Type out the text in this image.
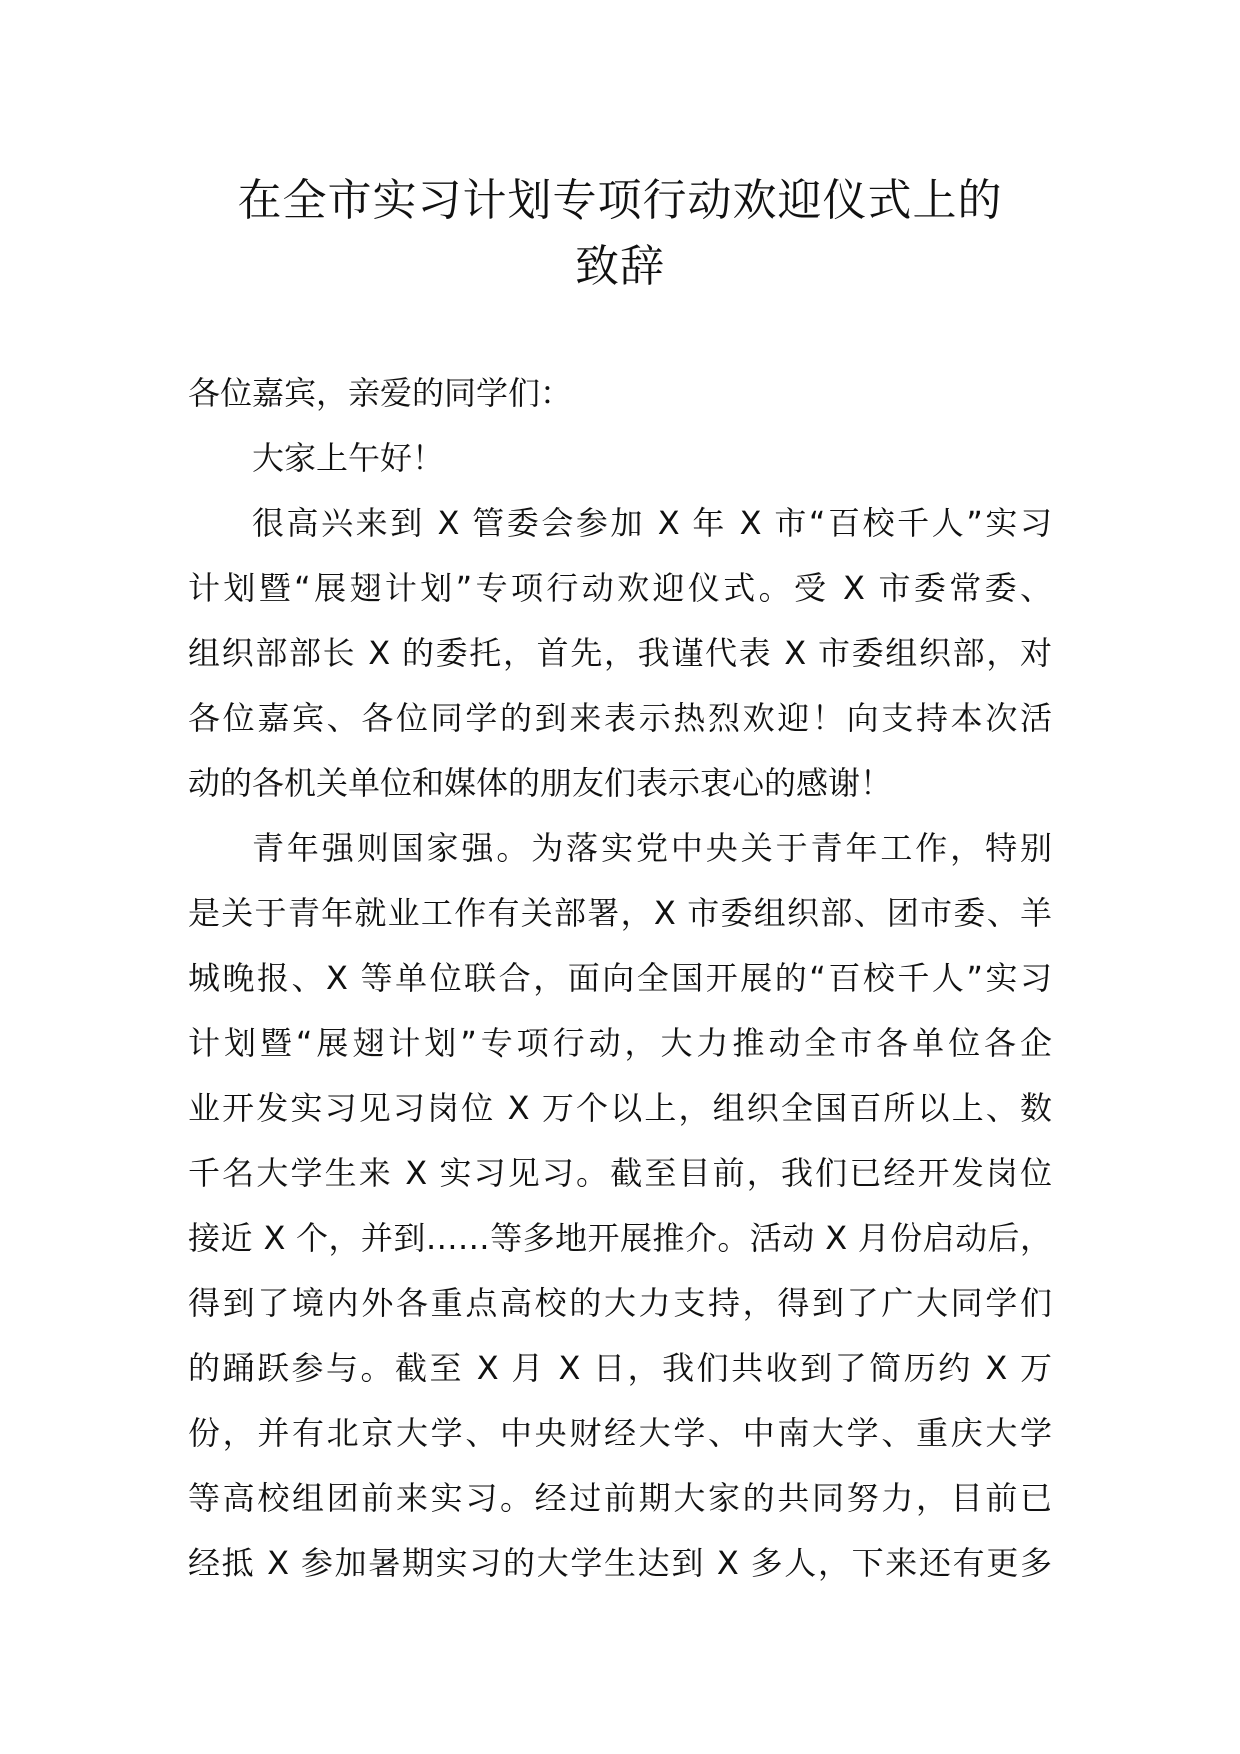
在全市实习计划专项行动欢迎仪式上的
致辞
各位嘉宾，亲爱的同学们：
大家上午好！
很高兴来到 X 管委会参加 X 年 X 市“百校千人”实习
计划暨“展翅计划”专项行动欢迎仪式。受 X 市委常委、
组织部部长 X 的委托，首先，我谨代表 X 市委组织部，对
各位嘉宾、各位同学的到来表示热烈欢迎！向支持本次活
动的各机关单位和媒体的朋友们表示衷心的感谢！
青年强则国家强。为落实党中央关于青年工作，特别
是关于青年就业工作有关部署，X 市委组织部、团市委、羊
城晚报、X 等单位联合，面向全国开展的“百校千人”实习
计划暨“展翅计划”专项行动，大力推动全市各单位各企
业开发实习见习岗位 X 万个以上，组织全国百所以上、数
千名大学生来 X 实习见习。截至目前，我们已经开发岗位
接近 X 个，并到……等多地开展推介。活动 X 月份启动后，
得到了境内外各重点高校的大力支持，得到了广大同学们
的踊跃参与。截至 X 月 X 日，我们共收到了简历约 X 万
份，并有北京大学、中央财经大学、中南大学、重庆大学
等高校组团前来实习。经过前期大家的共同努力，目前已
经抵 X 参加暑期实习的大学生达到 X 多人，下来还有更多
